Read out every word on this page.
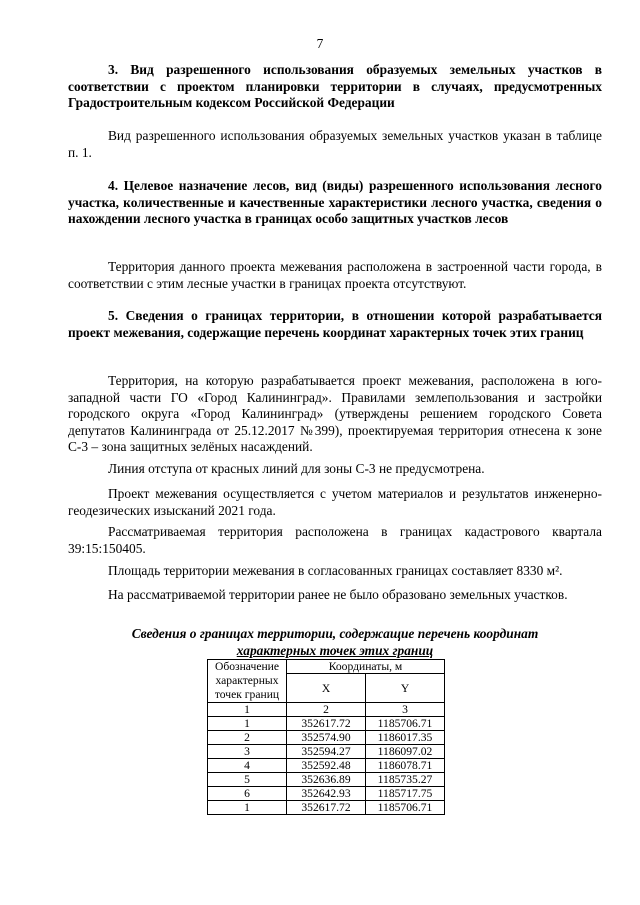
7
3. Вид разрешенного использования образуемых земельных участков в соответствии с проектом планировки территории в случаях, предусмотренных Градостроительным кодексом Российской Федерации
Вид разрешенного использования образуемых земельных участков указан в таблице п. 1.
4. Целевое назначение лесов, вид (виды) разрешенного использования лесного участка, количественные и качественные характеристики лесного участка, сведения о нахождении лесного участка в границах особо защитных участков лесов
Территория данного проекта межевания расположена в застроенной части города, в соответствии с этим лесные участки в границах проекта отсутствуют.
5. Сведения о границах территории, в отношении которой разрабатывается проект межевания, содержащие перечень координат характерных точек этих границ
Территория, на которую разрабатывается проект межевания, расположена в юго-западной части ГО «Город Калининград». Правилами землепользования и застройки городского округа «Город Калининград» (утверждены решением городского Совета депутатов Калининграда от 25.12.2017 №399), проектируемая территория отнесена к зоне С-3 – зона защитных зелёных насаждений.
Линия отступа от красных линий для зоны С-3 не предусмотрена.
Проект межевания осуществляется с учетом материалов и результатов инженерно-геодезических изысканий 2021 года.
Рассматриваемая территория расположена в границах кадастрового квартала 39:15:150405.
Площадь территории межевания в согласованных границах составляет 8330 м².
На рассматриваемой территории ранее не было образовано земельных участков.
Сведения о границах территории, содержащие перечень координат
характерных точек этих границ
Обозначение характерных точек границ	Координаты, м	
	X	Y
1	2	3
1	352617.72	1185706.71
2	352574.90	1186017.35
3	352594.27	1186097.02
4	352592.48	1186078.71
5	352636.89	1185735.27
6	352642.93	1185717.75
1	352617.72	1185706.71
